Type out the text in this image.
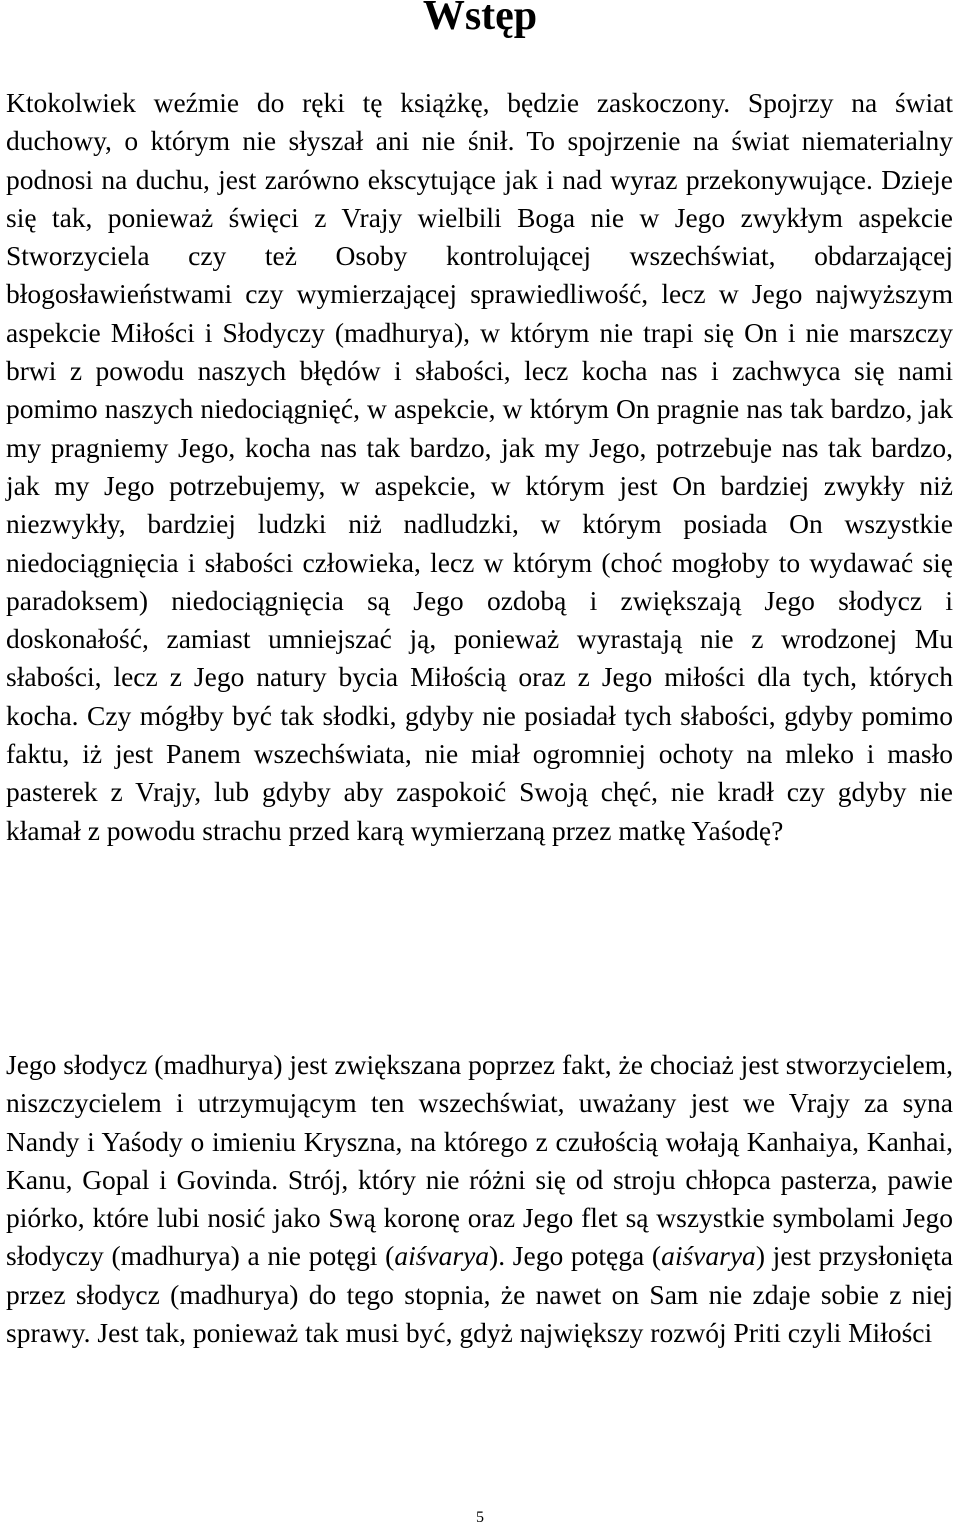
Wstęp

Ktokolwiek weźmie do ręki tę książkę, będzie zaskoczony. Spojrzy na świat duchowy, o którym nie słyszał ani nie śnił. To spojrzenie na świat niematerialny podnosi na duchu, jest zarówno ekscytujące jak i nad wyraz przekonywujące. Dzieje się tak, ponieważ święci z Vrajy wielbili Boga nie w Jego zwykłym aspekcie Stworzyciela czy też Osoby kontrolującej wszechświat, obdarzającej błogosławieństwami czy wymierzającej sprawiedliwość, lecz w Jego najwyższym aspekcie Miłości i Słodyczy (madhurya), w którym nie trapi się On i nie marszczy brwi z powodu naszych błędów i słabości, lecz kocha nas i zachwyca się nami pomimo naszych niedociągnięć, w aspekcie, w którym On pragnie nas tak bardzo, jak my pragniemy Jego, kocha nas tak bardzo, jak my Jego, potrzebuje nas tak bardzo, jak my Jego potrzebujemy, w aspekcie, w którym jest On bardziej zwykły niż niezwykły, bardziej ludzki niż nadludzki, w którym posiada On wszystkie niedociągnięcia i słabości człowieka, lecz w którym (choć mogłoby to wydawać się paradoksem) niedociągnięcia są Jego ozdobą i zwiększają Jego słodycz i doskonałość, zamiast umniejszać ją, ponieważ wyrastają nie z wrodzonej Mu słabości, lecz z Jego natury bycia Miłością oraz z Jego miłości dla tych, których kocha. Czy mógłby być tak słodki, gdyby nie posiadał tych słabości, gdyby pomimo faktu, iż jest Panem wszechświata, nie miał ogromniej ochoty na mleko i masło pasterek z Vrajy, lub gdyby aby zaspokoić Swoją chęć, nie kradł czy gdyby nie kłamał z powodu strachu przed karą wymierzaną przez matkę Yaśodę?

Jego słodycz (madhurya) jest zwiększana poprzez fakt, że chociaż jest stworzycielem, niszczycielem i utrzymującym ten wszechświat, uważany jest we Vrajy za syna Nandy i Yaśody o imieniu Kryszna, na którego z czułością wołają Kanhaiya, Kanhai, Kanu, Gopal i Govinda. Strój, który nie różni się od stroju chłopca pasterza, pawie piórko, które lubi nosić jako Swą koronę oraz Jego flet są wszystkie symbolami Jego słodyczy (madhurya) a nie potęgi (aiśvarya). Jego potęga (aiśvarya) jest przysłonięta przez słodycz (madhurya) do tego stopnia, że nawet on Sam nie zdaje sobie z niej sprawy. Jest tak, ponieważ tak musi być, gdyż największy rozwój Priti czyli Miłości

5
